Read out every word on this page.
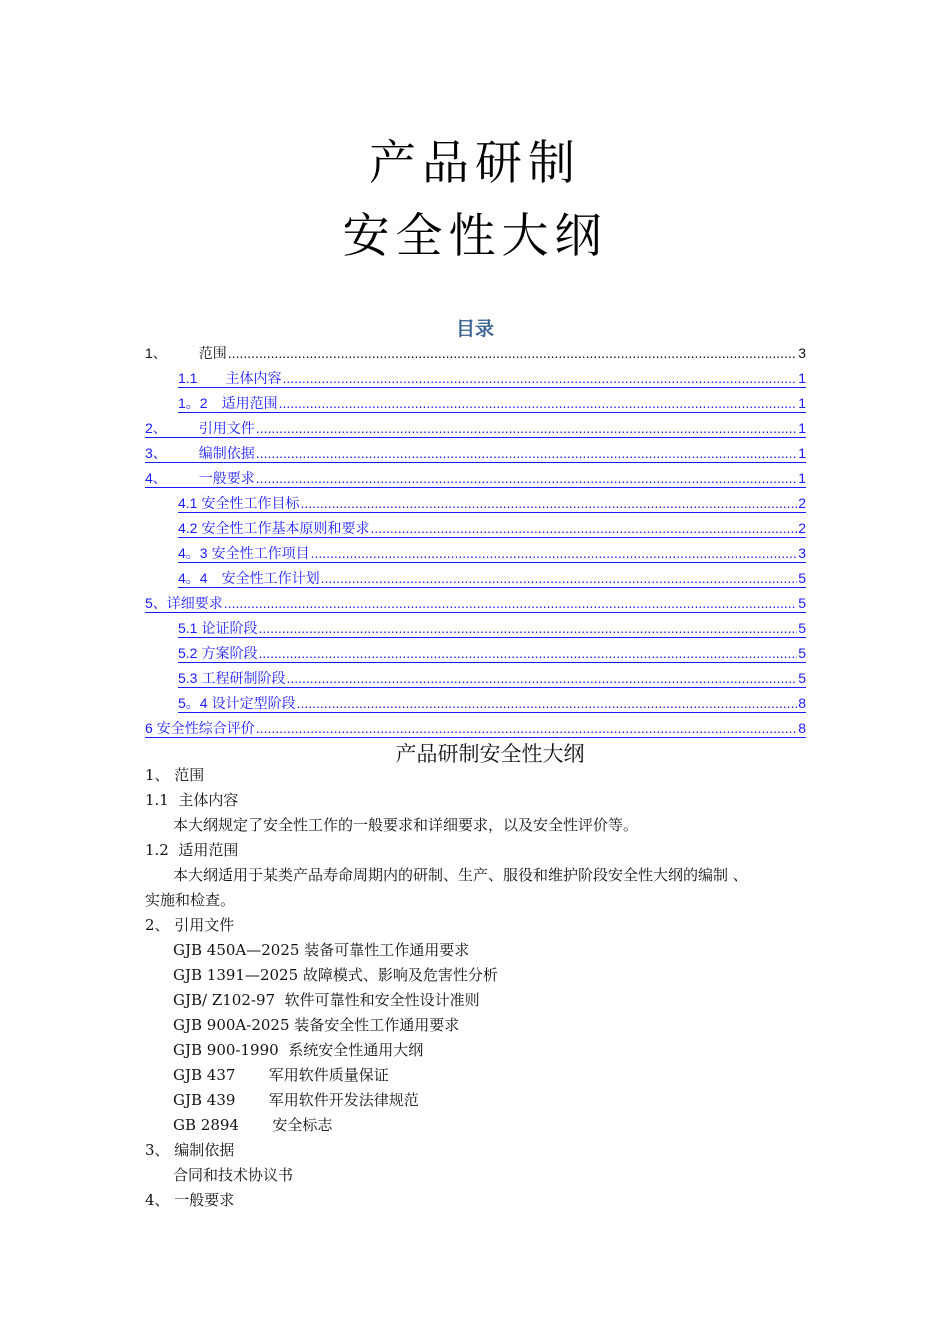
产品研制
安全性大纲
目录
1、 范围 .....	3
1.1 主体内容 .....	1
1。2 适用范围 .....	1
2、 引用文件 .....	1
3、 编制依据 .....	1
4、 一般要求 .....	1
4.1 安全性工作目标 .....	2
4.2 安全性工作基本原则和要求 .....	2
4。3 安全性工作项目 .....	3
4。4 安全性工作计划 .....	5
5、 详细要求 .....	5
5.1 论证阶段 .....	5
5.2 方案阶段 .....	5
5.3 工程研制阶段 .....	5
5。4 设计定型阶段 .....	8
6 安全性综合评价 .....	8
产品研制安全性大纲
1、 范围
1.1  主体内容
本大纲规定了安全性工作的一般要求和详细要求，以及安全性评价等。
1.2  适用范围
本大纲适用于某类产品寿命周期内的研制、生产、服役和维护阶段安全性大纲的编制 、
实施和检查。
2、 引用文件
GJB 450A—2025 装备可靠性工作通用要求
GJB 1391—2025 故障模式、影响及危害性分析
GJB/ Z102-97  软件可靠性和安全性设计准则
GJB 900A-2025 装备安全性工作通用要求
GJB 900-1990  系统安全性通用大纲
GJB 437       军用软件质量保证
GJB 439       军用软件开发法律规范
GB 2894       安全标志
3、 编制依据
合同和技术协议书
4、 一般要求
